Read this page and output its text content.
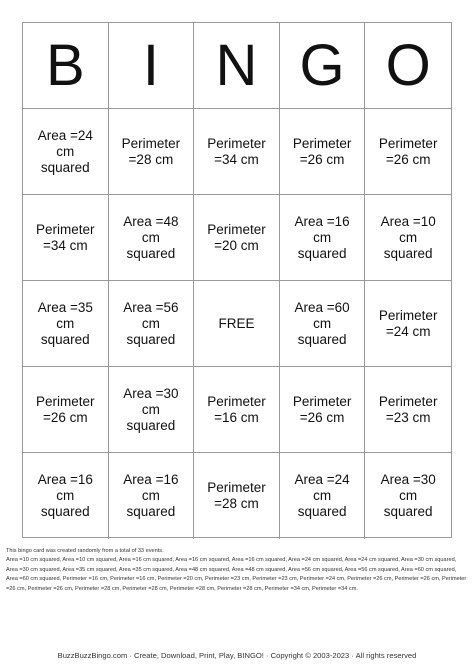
B	I N G O
Area =24
cm
squared
Perimeter
=28 cm
Perimeter
=34 cm
Perimeter
=26 cm
Perimeter
=26 cm
Perimeter
=34 cm
Area =48
cm
squared
Perimeter
=20 cm
Area =16
cm
squared
Area =10
cm
squared
Area =35
cm
squared
Area =56
cm
squared
FREE
Area =60
cm
squared
Perimeter
=24 cm
Perimeter
=26 cm
Area =30
cm
squared
Perimeter
=16 cm
Perimeter
=26 cm
Perimeter
=23 cm
Area =16
cm
squared
Area =16
cm
squared
Perimeter
=28 cm
Area =24
cm
squared
Area =30
cm
squared
This bingo card was created randomly from a total of 33 events.
Area =10 cm squared, Area =10 cm squared, Area =16 cm squared, Area =16 cm squared, Area =16 cm squared, Area =24 cm squared, Area =24 cm squared, Area =30 cm squared, Area =30 cm squared, Area =35 cm squared, Area =35 cm squared, Area =48 cm squared, Area =48 cm squared, Area =56 cm squared, Area =56 cm squared, Area =60 cm squared, Area =60 cm squared, Perimeter =16 cm, Perimeter =16 cm, Perimeter =20 cm, Perimeter =23 cm, Perimeter =23 cm, Perimeter =24 cm, Perimeter =26 cm, Perimeter =26 cm, Perimeter =26 cm, Perimeter =26 cm, Perimeter =28 cm, Perimeter =28 cm, Perimeter =28 cm, Perimeter =28 cm, Perimeter =34 cm, Perimeter =34 cm.
BuzzBuzzBingo.com · Create, Download, Print, Play, BINGO! · Copyright © 2003-2023 · All rights reserved
